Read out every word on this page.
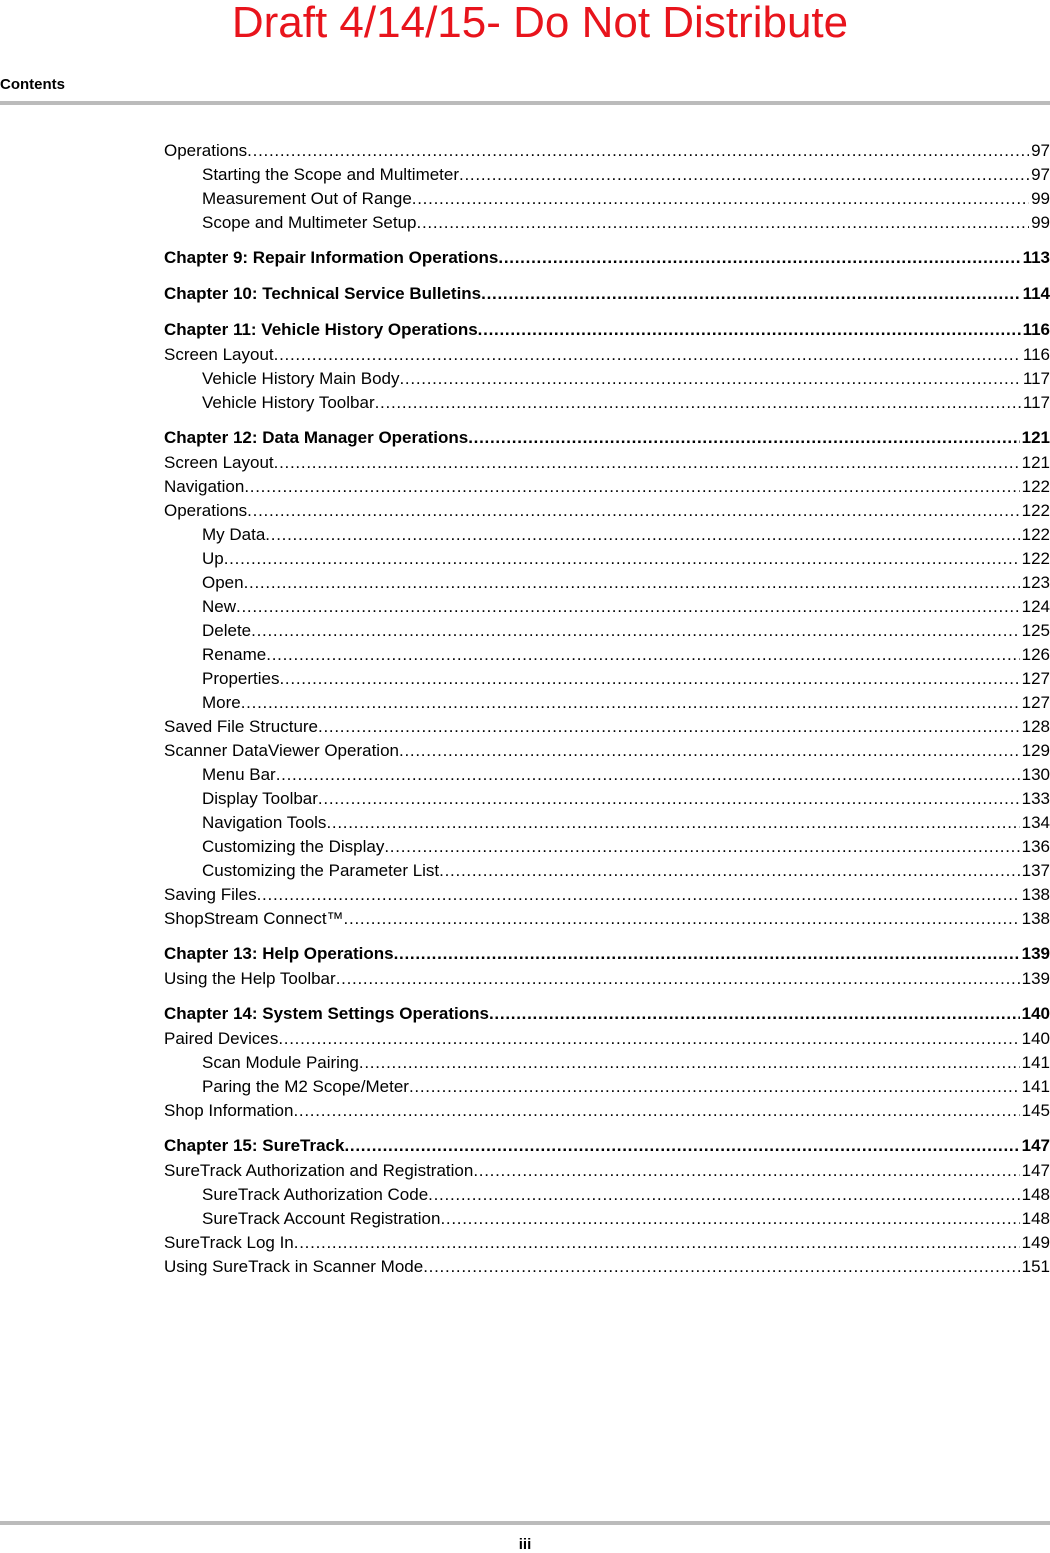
Draft 4/14/15- Do Not Distribute
Contents
Operations . . .	97
Starting the Scope and Multimeter . . .	97
Measurement Out of Range . . .	99
Scope and Multimeter Setup . . .	99
Chapter 9: Repair Information Operations . . .	113
Chapter 10: Technical Service Bulletins . . .	114
Chapter 11: Vehicle History Operations . . .	116
Screen Layout . . .	116
Vehicle History Main Body . . .	117
Vehicle History Toolbar . . .	117
Chapter 12: Data Manager Operations . . .	121
Screen Layout . . .	121
Navigation . . .	122
Operations . . .	122
My Data . . .	122
Up . . .	122
Open . . .	123
New . . .	124
Delete . . .	125
Rename . . .	126
Properties . . .	127
More . . .	127
Saved File Structure . . .	128
Scanner DataViewer Operation . . .	129
Menu Bar . . .	130
Display Toolbar . . .	133
Navigation Tools . . .	134
Customizing the Display . . .	136
Customizing the Parameter List . . .	137
Saving Files . . .	138
ShopStream Connect™ . . .	138
Chapter 13: Help Operations . . .	139
Using the Help Toolbar . . .	139
Chapter 14: System Settings Operations . . .	140
Paired Devices . . .	140
Scan Module Pairing . . .	141
Paring the M2 Scope/Meter . . .	141
Shop Information . . .	145
Chapter 15: SureTrack . . .	147
SureTrack Authorization and Registration . . .	147
SureTrack Authorization Code . . .	148
SureTrack Account Registration . . .	148
SureTrack Log In . . .	149
Using SureTrack in Scanner Mode . . .	151
iii
